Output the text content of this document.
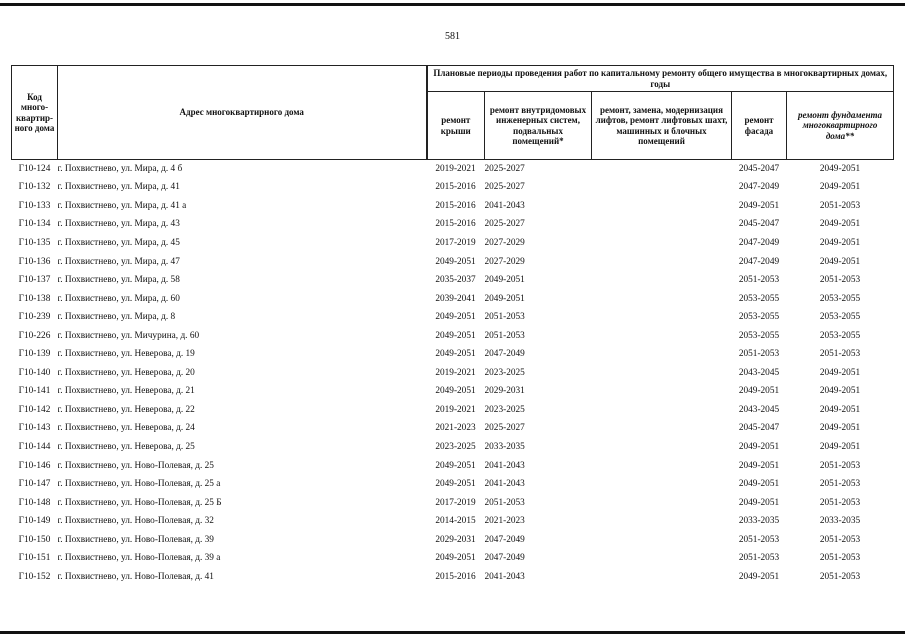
581
Код много-квартир-ного дома	Адрес многоквартирного дома	Плановые периоды проведения работ по капитальному ремонту общего имущества в многоквартирных домах, годы				
		ремонт крыши	ремонт внутридомовых инженерных систем, подвальных помещений*	ремонт, замена, модернизация лифтов, ремонт лифтовых шахт, машинных и блочных помещений	ремонт фасада	ремонт фундамента многоквартирного дома**
Г10-124	г. Похвистнево, ул. Мира, д. 4 б	2019-2021	2025-2027		2045-2047	2049-2051
Г10-132	г. Похвистнево, ул. Мира, д. 41	2015-2016	2025-2027		2047-2049	2049-2051
Г10-133	г. Похвистнево, ул. Мира, д. 41 а	2015-2016	2041-2043		2049-2051	2051-2053
Г10-134	г. Похвистнево, ул. Мира, д. 43	2015-2016	2025-2027		2045-2047	2049-2051
Г10-135	г. Похвистнево, ул. Мира, д. 45	2017-2019	2027-2029		2047-2049	2049-2051
Г10-136	г. Похвистнево, ул. Мира, д. 47	2049-2051	2027-2029		2047-2049	2049-2051
Г10-137	г. Похвистнево, ул. Мира, д. 58	2035-2037	2049-2051		2051-2053	2051-2053
Г10-138	г. Похвистнево, ул. Мира, д. 60	2039-2041	2049-2051		2053-2055	2053-2055
Г10-239	г. Похвистнево, ул. Мира, д. 8	2049-2051	2051-2053		2053-2055	2053-2055
Г10-226	г. Похвистнево, ул. Мичурина, д. 60	2049-2051	2051-2053		2053-2055	2053-2055
Г10-139	г. Похвистнево, ул. Неверова, д. 19	2049-2051	2047-2049		2051-2053	2051-2053
Г10-140	г. Похвистнево, ул. Неверова, д. 20	2019-2021	2023-2025		2043-2045	2049-2051
Г10-141	г. Похвистнево, ул. Неверова, д. 21	2049-2051	2029-2031		2049-2051	2049-2051
Г10-142	г. Похвистнево, ул. Неверова, д. 22	2019-2021	2023-2025		2043-2045	2049-2051
Г10-143	г. Похвистнево, ул. Неверова, д. 24	2021-2023	2025-2027		2045-2047	2049-2051
Г10-144	г. Похвистнево, ул. Неверова, д. 25	2023-2025	2033-2035		2049-2051	2049-2051
Г10-146	г. Похвистнево, ул. Ново-Полевая, д. 25	2049-2051	2041-2043		2049-2051	2051-2053
Г10-147	г. Похвистнево, ул. Ново-Полевая, д. 25 а	2049-2051	2041-2043		2049-2051	2051-2053
Г10-148	г. Похвистнево, ул. Ново-Полевая, д. 25 Б	2017-2019	2051-2053		2049-2051	2051-2053
Г10-149	г. Похвистнево, ул. Ново-Полевая, д. 32	2014-2015	2021-2023		2033-2035	2033-2035
Г10-150	г. Похвистнево, ул. Ново-Полевая, д. 39	2029-2031	2047-2049		2051-2053	2051-2053
Г10-151	г. Похвистнево, ул. Ново-Полевая, д. 39 а	2049-2051	2047-2049		2051-2053	2051-2053
Г10-152	г. Похвистнево, ул. Ново-Полевая, д. 41	2015-2016	2041-2043		2049-2051	2051-2053
